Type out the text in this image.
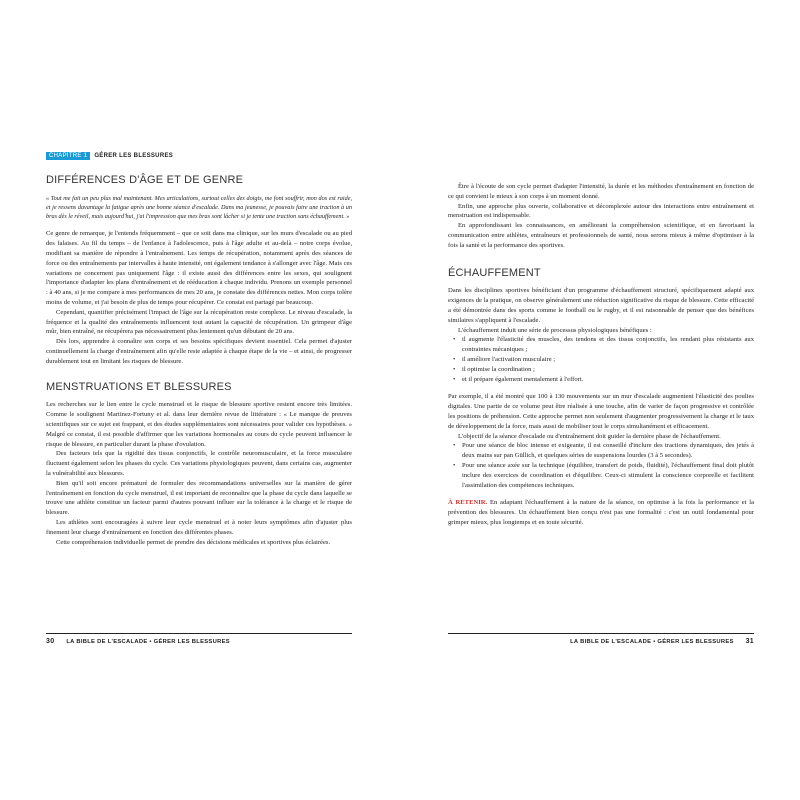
CHAPITRE 1	GÉRER LES BLESSURES
DIFFÉRENCES D'ÂGE ET DE GENRE

« Tout me fait un peu plus mal maintenant. Mes articulations, surtout celles des doigts, me font souffrir, mon dos est raide, et je ressens davantage la fatigue après une bonne séance d'escalade. Dans ma jeunesse, je pouvais faire une traction à un bras dès le réveil, mais aujourd'hui, j'ai l'impression que mes bras sont lâcher si je tente une traction sans échauffement. »

Ce genre de remarque, je l'entends fréquemment – que ce soit dans ma clinique, sur les murs d'escalade ou au pied des falaises. Au fil du temps – de l'enfance à l'adolescence, puis à l'âge adulte et au-delà – notre corps évolue, modifiant sa manière de répondre à l'entraînement. Les temps de récupération, notamment après des séances de force ou des entraînements par intervalles à haute intensité, ont également tendance à s'allonger avec l'âge. Mais ces variations ne concernent pas uniquement l'âge : il existe aussi des différences entre les sexes, qui soulignent l'importance d'adapter les plans d'entraînement et de rééducation à chaque individu. Prenons un exemple personnel : à 40 ans, si je me compare à mes performances de mes 20 ans, je constate des différences nettes. Mon corps tolère moins de volume, et j'ai besoin de plus de temps pour récupérer. Ce constat est partagé par beaucoup.

Cependant, quantifier précisément l'impact de l'âge sur la récupération reste complexe. Le niveau d'escalade, la fréquence et la qualité des entraînements influencent tout autant la capacité de récupération. Un grimpeur d'âge mûr, bien entraîné, ne récupérera pas nécessairement plus lentement qu'un débutant de 20 ans.

Dès lors, apprendre à connaître son corps et ses besoins spécifiques devient essentiel. Cela permet d'ajuster continuellement la charge d'entraînement afin qu'elle reste adaptée à chaque étape de la vie – et ainsi, de progresser durablement tout en limitant les risques de blessure.

MENSTRUATIONS ET BLESSURES

Les recherches sur le lien entre le cycle menstruel et le risque de blessure sportive restent encore très limitées. Comme le soulignent Martinez-Fortuny et al. dans leur dernière revue de littérature : « Le manque de preuves scientifiques sur ce sujet est frappant, et des études supplémentaires sont nécessaires pour valider ces hypothèses. » Malgré ce constat, il est possible d'affirmer que les variations hormonales au cours du cycle peuvent influencer le risque de blessure, en particulier durant la phase d'ovulation.

Des facteurs tels que la rigidité des tissus conjonctifs, le contrôle neuromusculaire, et la force musculaire fluctuent également selon les phases du cycle. Ces variations physiologiques peuvent, dans certains cas, augmenter la vulnérabilité aux blessures.

Bien qu'il soit encore prématuré de formuler des recommandations universelles sur la manière de gérer l'entraînement en fonction du cycle menstruel, il est important de reconnaître que la phase du cycle dans laquelle se trouve une athlète constitue un facteur parmi d'autres pouvant influer sur la tolérance à la charge et le risque de blessure.

Les athlètes sont encouragées à suivre leur cycle menstruel et à noter leurs symptômes afin d'ajuster plus finement leur charge d'entraînement en fonction des différentes phases.

Cette compréhension individuelle permet de prendre des décisions médicales et sportives plus éclairées.

30 LA BIBLE DE L'ESCALADE • GÉRER LES BLESSURES

Être à l'écoute de son cycle permet d'adapter l'intensité, la durée et les méthodes d'entraînement en fonction de ce qui convient le mieux à son corps à un moment donné.

Enfin, une approche plus ouverte, collaborative et décomplexée autour des interactions entre entraînement et menstruation est indispensable.

En approfondissant les connaissances, en améliorant la compréhension scientifique, et en favorisant la communication entre athlètes, entraîneurs et professionnels de santé, nous serons mieux à même d'optimiser à la fois la santé et la performance des sportives.

ÉCHAUFFEMENT

Dans les disciplines sportives bénéficiant d'un programme d'échauffement structuré, spécifiquement adapté aux exigences de la pratique, on observe généralement une réduction significative du risque de blessure. Cette efficacité a été démontrée dans des sports comme le football ou le rugby, et il est raisonnable de penser que des bénéfices similaires s'appliquent à l'escalade.

L'échauffement induit une série de processus physiologiques bénéfiques :

• il augmente l'élasticité des muscles, des tendons et des tissus conjonctifs, les rendant plus résistants aux contraintes mécaniques ;
• il améliore l'activation musculaire ;
• il optimise la coordination ;
• et il prépare également mentalement à l'effort.

Par exemple, il a été montré que 100 à 130 mouvements sur un mur d'escalade augmentent l'élasticité des poulies digitales. Une partie de ce volume peut être réalisée à une touche, afin de varier de façon progressive et contrôlée les positions de préhension. Cette approche permet non seulement d'augmenter progressivement la charge et le taux de développement de la force, mais aussi de mobiliser tout le corps simultanément et efficacement.

L'objectif de la séance d'escalade ou d'entraînement doit guider la dernière phase de l'échauffement.

• Pour une séance de bloc intense et exigeante, il est conseillé d'inclure des tractions dynamiques, des jetés à deux mains sur pan Güllich, et quelques séries de suspensions lourdes (3 à 5 secondes).
• Pour une séance axée sur la technique (équilibre, transfert de poids, fluidité), l'échauffement final doit plutôt inclure des exercices de coordination et d'équilibre. Ceux-ci stimulent la conscience corporelle et facilitent l'assimilation des compétences techniques.

À RETENIR. En adaptant l'échauffement à la nature de la séance, on optimise à la fois la performance et la prévention des blessures. Un échauffement bien conçu n'est pas une formalité : c'est un outil fondamental pour grimper mieux, plus longtemps et en toute sécurité.

LA BIBLE DE L'ESCALADE • GÉRER LES BLESSURES 31
